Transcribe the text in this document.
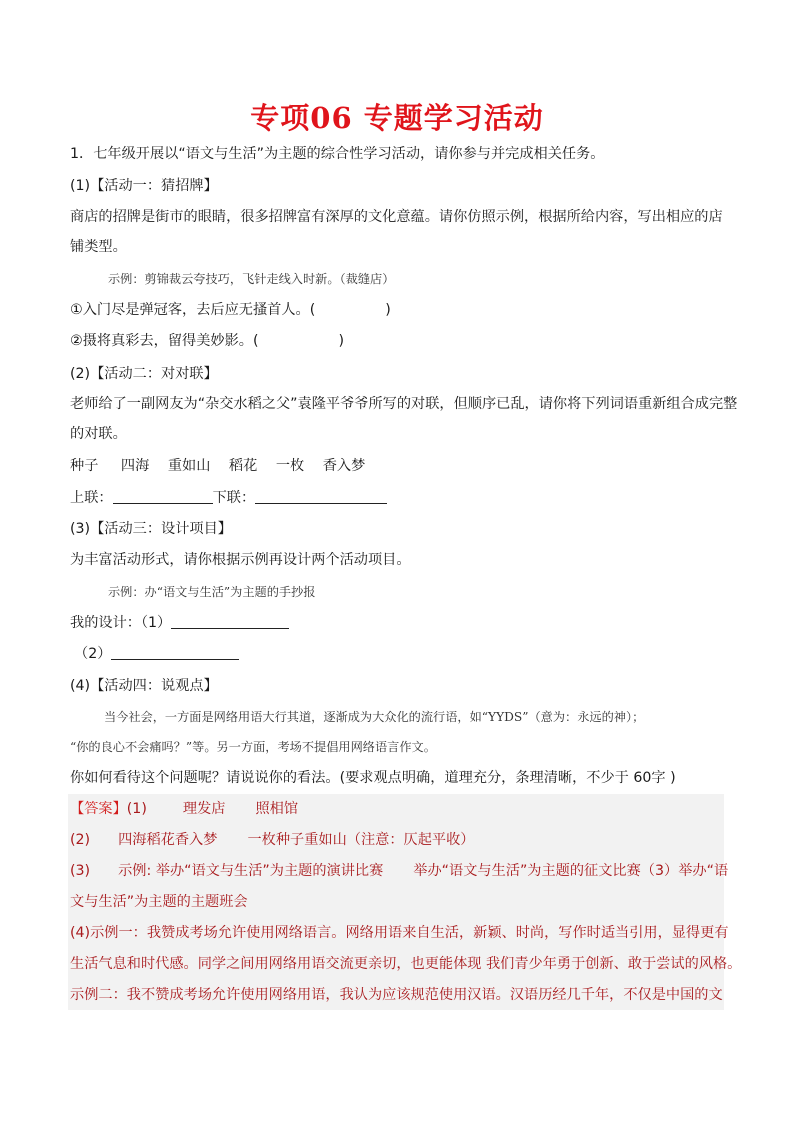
专项06 专题学习活动
1．七年级开展以“语文与生活”为主题的综合性学习活动，请你参与并完成相关任务。
(1)【活动一：猜招牌】
商店的招牌是街市的眼睛，很多招牌富有深厚的文化意蕴。请你仿照示例，根据所给内容，写出相应的店
铺类型。
示例：剪锦裁云夸技巧，飞针走线入时新。（裁缝店）
①入门尽是弹冠客，去后应无搔首人。(	)
②摄将真彩去，留得美妙影。(	)
(2)【活动二：对对联】
老师给了一副网友为“杂交水稻之父”袁隆平爷爷所写的对联，但顺序已乱，请你将下列词语重新组合成完整
的对联。
种子 四海 重如山 稻花 一枚 香入梦
上联：	下联：
(3)【活动三：设计项目】
为丰富活动形式，请你根据示例再设计两个活动项目。
示例：办“语文与生活”为主题的手抄报
我的设计：（1）
（2）
(4)【活动四：说观点】
当今社会，一方面是网络用语大行其道，逐渐成为大众化的流行语，如“YYDS”（意为：永远的神）；
“你的良心不会痛吗？”等。另一方面，考场不提倡用网络语言作文。
你如何看待这个问题呢？请说说你的看法。(要求观点明确，道理充分，条理清晰，不少于 60字 )
【答案】(1)	理发店 照相馆
(2) 四海稻花香入梦 一枚种子重如山（注意：仄起平收）
(3) 示例: 举办“语文与生活”为主题的演讲比赛 举办“语文与生活”为主题的征文比赛（3）举办“语
文与生活”为主题的主题班会
(4)示例一：我赞成考场允许使用网络语言。网络用语来自生活，新颖、时尚，写作时适当引用，显得更有
生活气息和时代感。同学之间用网络用语交流更亲切，也更能体现 我们青少年勇于创新、敢于尝试的风格。
示例二：我不赞成考场允许使用网络用语，我认为应该规范使用汉语。汉语历经几千年，不仅是中国的文
